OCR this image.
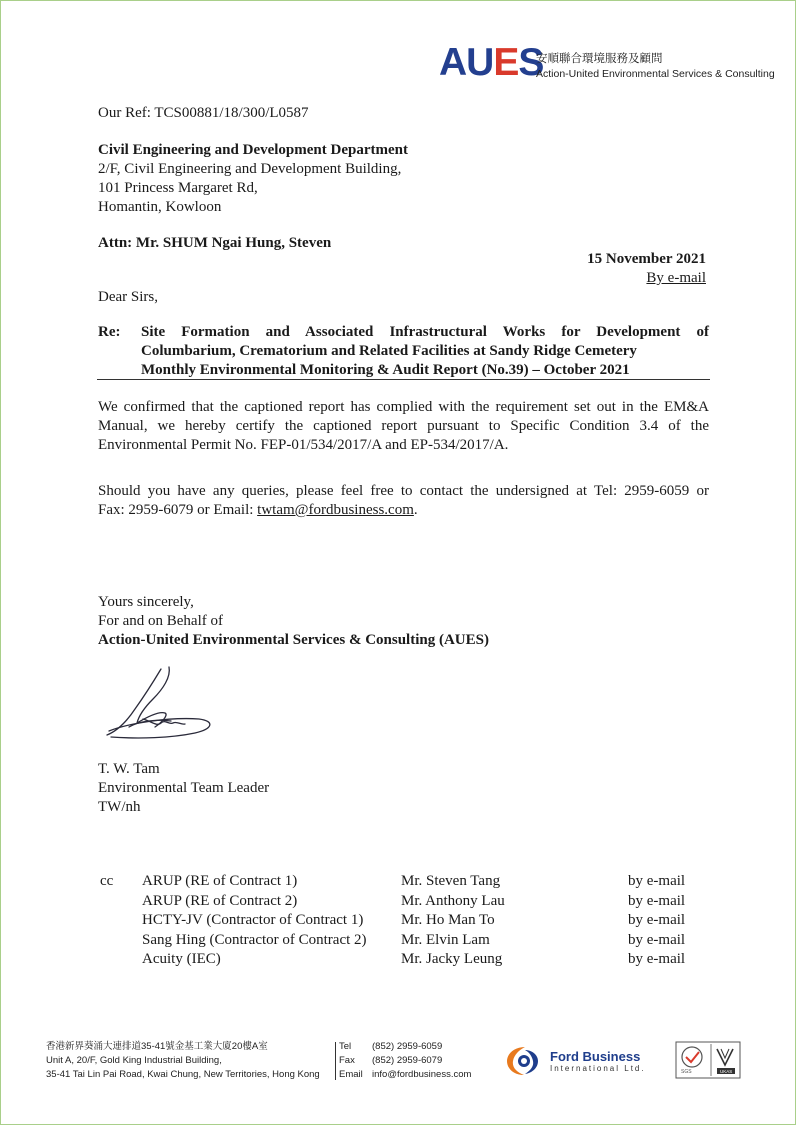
AUES
安順聯合環境服務及顧問
Action-United Environmental Services & Consulting
Our Ref: TCS00881/18/300/L0587
Civil Engineering and Development Department
2/F, Civil Engineering and Development Building,
101 Princess Margaret Rd,
Homantin, Kowloon
Attn: Mr. SHUM Ngai Hung, Steven
15 November 2021
By e-mail
Dear Sirs,
Re: Site Formation and Associated Infrastructural Works for Development of
Columbarium, Crematorium and Related Facilities at Sandy Ridge Cemetery
Monthly Environmental Monitoring & Audit Report (No.39) – October 2021
We confirmed that the captioned report has complied with the requirement set out in the EM&A
Manual, we hereby certify the captioned report pursuant to Specific Condition 3.4 of the
Environmental Permit No. FEP-01/534/2017/A and EP-534/2017/A.
Should you have any queries, please feel free to contact the undersigned at Tel: 2959-6059 or
Fax: 2959-6079 or Email: twtam@fordbusiness.com.
Yours sincerely,
For and on Behalf of
Action-United Environmental Services & Consulting (AUES)
T. W. Tam
Environmental Team Leader
TW/nh
cc ARUP (RE of Contract 1)
ARUP (RE of Contract 2)
HCTY-JV (Contractor of Contract 1)
Sang Hing (Contractor of Contract 2)
Acuity (IEC)
Mr. Steven Tang
Mr. Anthony Lau
Mr. Ho Man To
Mr. Elvin Lam
Mr. Jacky Leung
by e-mail
by e-mail
by e-mail
by e-mail
by e-mail
香港新界葵涌大連排道35-41號金基工業大廈20樓A室
Unit A, 20/F, Gold King Industrial Building,
35-41 Tai Lin Pai Road, Kwai Chung, New Territories, Hong Kong
Tel (852) 2959-6059
Fax (852) 2959-6079
Email info@fordbusiness.com
Ford Business
International Ltd.	SGS	UKAS
